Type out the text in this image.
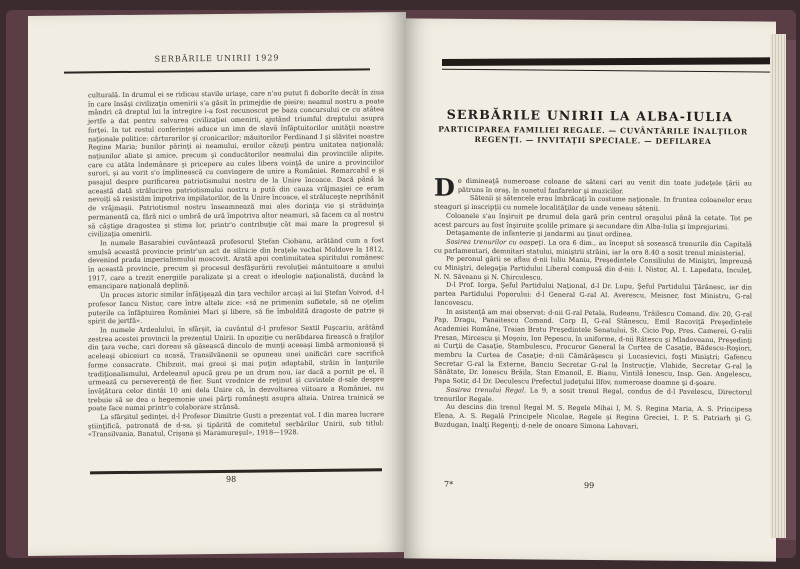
SERBĂRILE UNIRII 1929

culturală. In drumul ei se ridicau stavile uriaşe, care n'au putut fi doborîte decât în ziua în care însăşi civilizaţia omenirii s'a găsit în primejdie de pieire; neamul nostru a poate mândri că dreptul lui la întregire i-a fost recunoscut pe baza concursului ce cu atâtea jertfe a dat pentru salvarea civilizaţiei omenirii, ajutând triumful dreptului asupra forţei. In tot restul conferinţei aduce un imn de slavă înfăptuitorilor unităţii noastre naţionale politice: cărturarilor şi cronicarilor; măuitorilor Ferdinand I şi slăvitei noastre Regine Maria; bunilor părinţi ai neamului, eroilor căzuţi pentru unitatea naţională; naţiunilor aliate şi amice, precum şi conducătorilor neamului din provinciile alipite, care cu atâta îndemânare şi pricepere au cules libera voinţă de unire a provinciilor surori, şi au vorit s'o împlinească cu convingere de unire a României. Remarcabil e şi pasajul despre purificarea patriotismului nostru de la Unire încoace. Dacă până la această dată strălucirea patriotismului nostru a pută din cauza vrăjmaşiei ce eram nevoiţi să resistăm împotriva impilatorilor, de la Unire încoace, el străluceşte neprihănit de vrăjmaşii. Patriotismul nostru înseamnează mai ales dorinţa vie şi străduinţa permanentă ca, fără nici o umbră de ură împotriva altor neamuri, să facem ca al nostru să câştige dragostea şi stima lor, printr'o contribuţie cât mai mare la progresul şi civilizaţia omenirii.

In numele Basarabiei cuvântează profesorul Ştefan Ciobanu, arătând cum a fost smulsă această provincie printr'un act de silnicie din braţele vechei Moldove la 1812, devenind prada imperialismului moscovit. Arată apoi continuitatea spiritului românesc în această provincie, precum şi procesul desfăşurării revoluţiei mântuitoare a anului 1917, care a trezit energiile paralizate şi a creat o ideologie naţionalistă, ducând la emancipare naţională deplină.

Un proces istoric similar înfăţişează din ţara vechilor arcaşi ai lui Ştefan Voivod, d-l profesor Iancu Nistor, care între altele zice: «să ne primenim sufletele, să ne oţelim puterile ca înfăptuirea României Mari şi libere, să fie îmboldită dragoste de patrie şi spirit de jertfă».

In numele Ardealului, în sfârşit, ia cuvântul d-l profesor Sextil Puşcariu, arătând zestrea acestei provincii la prezentul Unirii. In opoziţie cu nerăbdarea firească a fraţilor din ţara veche, cari doreau să găsească dincolo de munţi aceeaşi limbă armonioasă şi aceleaşi obiceiuri ca acasă, Transilvănenii se opuneau unei unificări care sacrifică forme consacrate. Chibzuit, mai greoi şi mai puţin adaptabil, străin în lanţurile tradiţionalismului, Ardeleanul apucă greu pe un drum nou, iar dacă a pornit pe el, îl urmează cu perseverenţă de fier. Sunt vrednice de reţinut şi cuvintele d-sale despre învăţătura celor dintâi 10 ani dela Unire că, în dezvoltarea viitoare a României, nu trebuie să se dea o hegemonie unei părţi româneşti asupra alteia. Unirea trainică se poate face numai printr'o colaborare strânsă.

La sfârşitul şedinţei, d-l Profesor Dimitrie Gusti a prezentat vol. I din marea lucrare ştiinţifică, patronată de d-sa, şi tipărită de comitetul serbărilor Unirii, sub titlul: «Transilvania, Banatul, Crişana şi Maramureşul», 1918—1928.

98
SERBĂRILE UNIRII LA ALBA-IULIA
PARTICIPAREA FAMILIEI REGALE. — CUVÂNTĂRILE ÎNALŢILOR REGENŢI. — INVITAŢII SPECIALE. — DEFILAREA

De dimineaţă numeroase coloane de săteni cari au venit din toate judeţele ţării au pătruns în oraş, în sunetul fanfarelor şi muzicilor.

Sătenii şi sătencele erau îmbrăcaţi în costume naţionale. In fruntea coloanelor erau steaguri şi inscripţii cu numele localităţilor de unde veneau sătenii.

Coloanele s'au înşiruit pe drumul dela gară prin centrul oraşului până la cetate. Tot pe acest parcurs au fost înşiruite şcolile primare şi secundare din Alba-Iulia şi împrejurimi.

Detaşamente de infanterie şi jandarmi au ţinut ordinea.

Sosirea trenurilor cu oaspeţi. La ora 6 dim., au început să sosească trenurile din Capitală cu parlamentari, demnitari statului, miniştrii străini, iar la ora 8.40 a sosit trenul ministerial.

Pe peronul gării se aflau d-nii Iuliu Maniu, Preşedintele Consiliului de Miniştri, împreună cu Miniştri, delegaţia Partidului Liberal compusă din d-nii: I. Nistor, Al. I. Lapedatu, Inculeţ, N. N. Săveanu şi N. Chirculescu.

D-l Prof. Iorga, Şeful Partidului Naţional, d-l Dr. Lupu, Şeful Partidului Ţărănesc, iar din partea Partidului Poporului: d-l General G-ral Al. Averescu, Meisner, fost Ministru, G-ral Iancovescu.

In asistenţă am mai observat: d-nii G-ral Petala, Rudeanu, Trăilescu Comand. div. 20, G-ral Pap, Dragu, Panaitescu Comand. Corp II, G-ral Stănescu, Emil Racoviţă Preşedintele Academiei Române, Traian Bratu Preşedintele Senatului, St. Cicio Pop, Pres. Camerei, G-ralii Presan, Mircescu şi Moşoiu, Ion Pepescu, în uniforme, d-nii Rătescu şi Mladoveanu, Preşedinţi ai Curţii de Casaţie, Stambulescu, Procuror General la Curtea de Casaţie, Bădescu-Roşiori, membru la Curtea de Casaţie; d-nii Cămărăşescu şi Lucasievici, foşti Miniştri; Gafencu Secretar G-ral la Externe, Banciu Secretar G-ral la Instrucţie, Vlahide, Secretar G-ral la Sănătate, Dr. Ionescu Brăila, Stan Emanoil, E. Bianu, Vintilă Ionescu, Insp. Gen. Angelescu, Papa Sotir, d-l Dr. Deculescu Prefectul judeţului Ilfov, numeroase doamne şi d-şoare.

Sosirea trenului Regal. La 9, a sosit trenul Regal, condus de d-l Pavelescu, Directorul trenurilor Regale.

Au descins din trenul Regal M. S. Regele Mihai I, M. S. Regina Maria, A. S. Principesa Elena, A. S. Regală Principele Nicolae, Regele şi Regina Greciei, I. P. S. Patriarh şi G. Buzdugan, Inalţi Regenţi; d-nele de onoare Simona Lahovari,

7*	99
